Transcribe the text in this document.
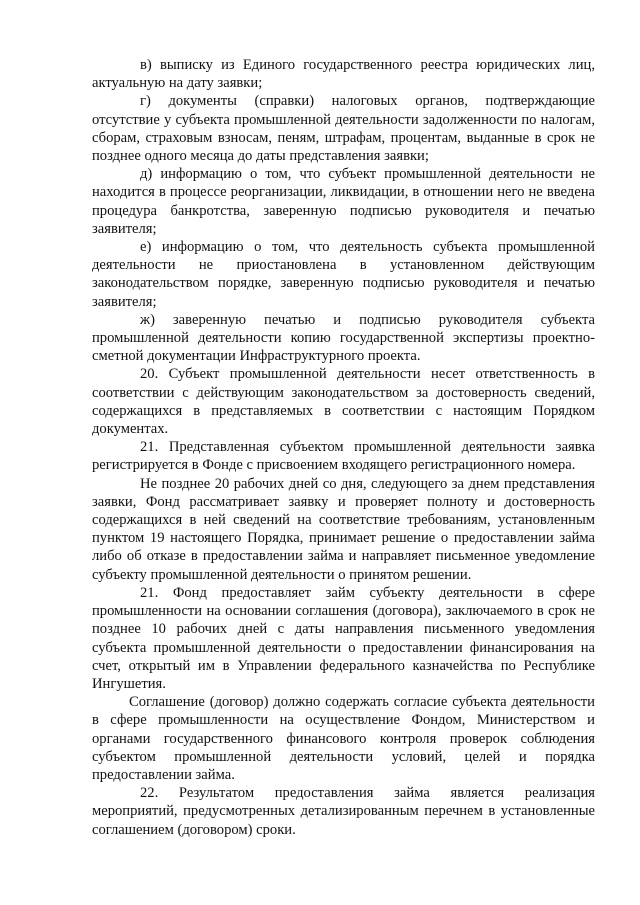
в) выписку из Единого государственного реестра юридических лиц, актуальную на дату заявки;

г) документы (справки) налоговых органов, подтверждающие отсутствие у субъекта промышленной деятельности задолженности по налогам, сборам, страховым взносам, пеням, штрафам, процентам, выданные в срок не позднее одного месяца до даты представления заявки;

д) информацию о том, что субъект промышленной деятельности не находится в процессе реорганизации, ликвидации, в отношении него не введена процедура банкротства, заверенную подписью руководителя и печатью заявителя;

е) информацию о том, что деятельность субъекта промышленной деятельности не приостановлена в установленном действующим законодательством порядке, заверенную подписью руководителя и печатью заявителя;

ж) заверенную печатью и подписью руководителя субъекта промышленной деятельности копию государственной экспертизы проектно-сметной документации Инфраструктурного проекта.

20. Субъект промышленной деятельности несет ответственность в соответствии с действующим законодательством за достоверность сведений, содержащихся в представляемых в соответствии с настоящим Порядком документах.

21. Представленная субъектом промышленной деятельности заявка регистрируется в Фонде с присвоением входящего регистрационного номера.

Не позднее 20 рабочих дней со дня, следующего за днем представления заявки, Фонд рассматривает заявку и проверяет полноту и достоверность содержащихся в ней сведений на соответствие требованиям, установленным пунктом 19 настоящего Порядка, принимает решение о предоставлении займа либо об отказе в предоставлении займа и направляет письменное уведомление субъекту промышленной деятельности о принятом решении.

21. Фонд предоставляет займ субъекту деятельности в сфере промышленности на основании соглашения (договора), заключаемого в срок не позднее 10 рабочих дней с даты направления письменного уведомления субъекта промышленной деятельности о предоставлении финансирования на счет, открытый им в Управлении федерального казначейства по Республике Ингушетия.

Соглашение (договор) должно содержать согласие субъекта деятельности в сфере промышленности на осуществление Фондом, Министерством и органами государственного финансового контроля проверок соблюдения субъектом промышленной деятельности условий, целей и порядка предоставлении займа.

22. Результатом предоставления займа является реализация мероприятий, предусмотренных детализированным перечнем в установленные соглашением (договором) сроки.
